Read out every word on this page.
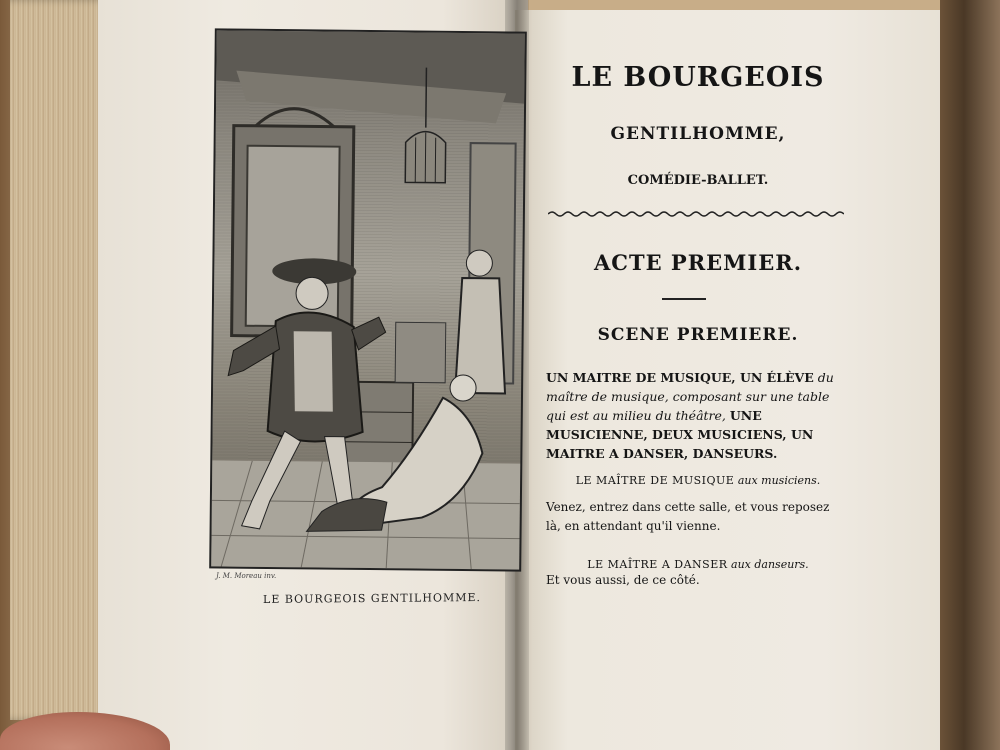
J. M. Moreau inv.
LE BOURGEOIS GENTILHOMME.
LE BOURGEOIS
GENTILHOMME,
COMÉDIE-BALLET.
ACTE PREMIER.
SCENE PREMIERE.
UN MAITRE DE MUSIQUE, UN ÉLÈVE du maître de musique, composant sur une table qui est au milieu du théâtre, UNE MUSICIENNE, DEUX MUSICIENS, UN MAITRE A DANSER, DANSEURS.
LE MAÎTRE DE MUSIQUE aux musiciens.
Venez, entrez dans cette salle, et vous reposez là, en attendant qu'il vienne.
LE MAÎTRE A DANSER aux danseurs.
Et vous aussi, de ce côté.
